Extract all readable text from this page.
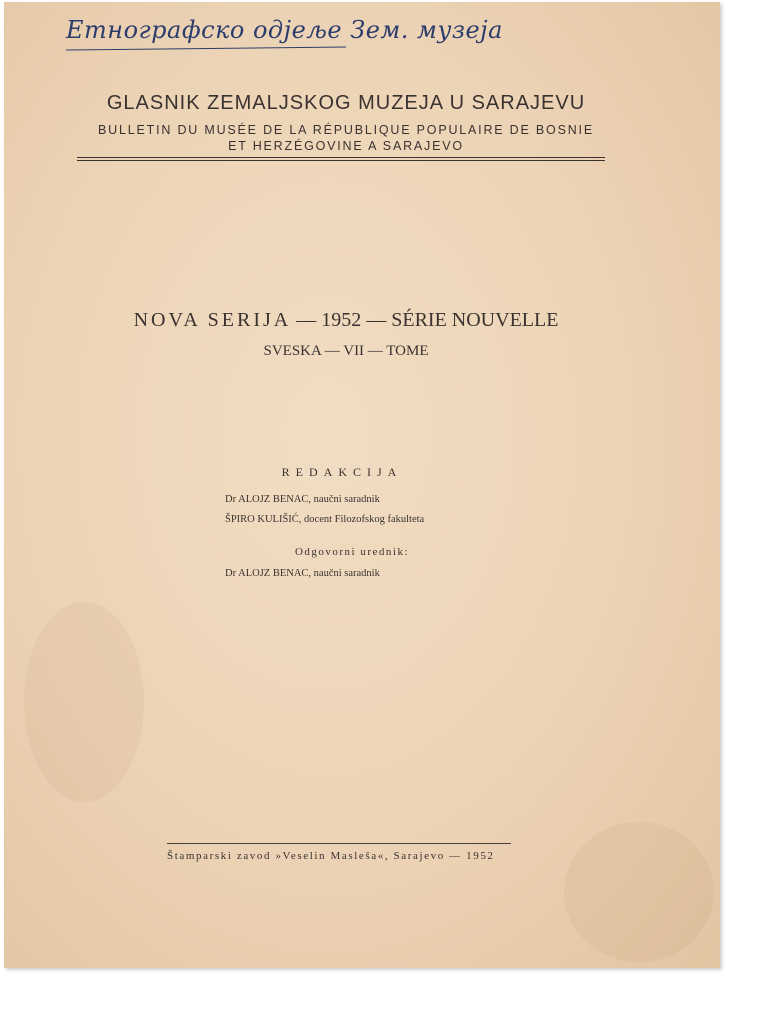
Етнографско одјеље Зем. музеја
GLASNIK ZEMALJSKOG MUZEJA U SARAJEVU
BULLETIN DU MUSÉE DE LA RÉPUBLIQUE POPULAIRE DE BOSNIE
ET HERZÉGOVINE A SARAJEVO
NOVA SERIJA — 1952 — SÉRIE NOUVELLE
SVESKA — VII — TOME
REDAKCIJA
Dr ALOJZ BENAC, naučni saradnik
ŠPIRO KULIŠIĆ, docent Filozofskog fakulteta
Odgovorni urednik:
Dr ALOJZ BENAC, naučni saradnik
Štamparski zavod »Veselin Masleša«, Sarajevo — 1952
